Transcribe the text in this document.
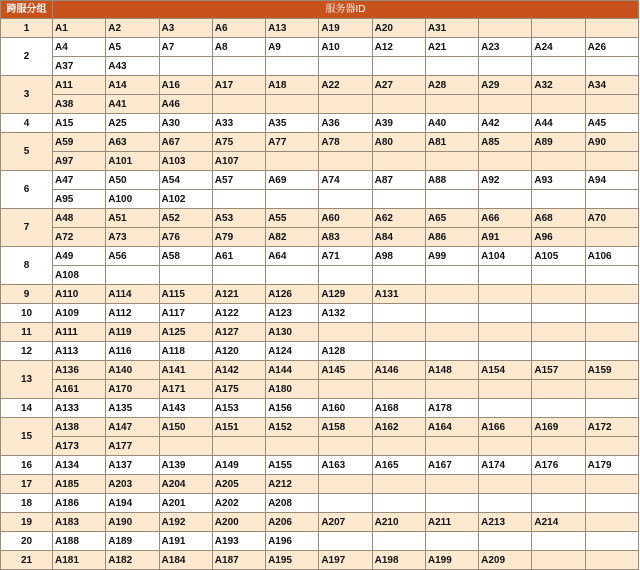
跨服分组	服务器ID										
1	A1	A2	A3	A6	A13	A19	A20	A31			
2	A4	A5	A7	A8	A9	A10	A12	A21	A23	A24	A26
	A37	A43									
3	A11	A14	A16	A17	A18	A22	A27	A28	A29	A32	A34
	A38	A41	A46								
4	A15	A25	A30	A33	A35	A36	A39	A40	A42	A44	A45
5	A59	A63	A67	A75	A77	A78	A80	A81	A85	A89	A90
	A97	A101	A103	A107							
6	A47	A50	A54	A57	A69	A74	A87	A88	A92	A93	A94
	A95	A100	A102								
7	A48	A51	A52	A53	A55	A60	A62	A65	A66	A68	A70
	A72	A73	A76	A79	A82	A83	A84	A86	A91	A96	
8	A49	A56	A58	A61	A64	A71	A98	A99	A104	A105	A106
	A108										
9	A110	A114	A115	A121	A126	A129	A131				
10	A109	A112	A117	A122	A123	A132					
11	A111	A119	A125	A127	A130						
12	A113	A116	A118	A120	A124	A128					
13	A136	A140	A141	A142	A144	A145	A146	A148	A154	A157	A159
	A161	A170	A171	A175	A180						
14	A133	A135	A143	A153	A156	A160	A168	A178			
15	A138	A147	A150	A151	A152	A158	A162	A164	A166	A169	A172
	A173	A177									
16	A134	A137	A139	A149	A155	A163	A165	A167	A174	A176	A179
17	A185	A203	A204	A205	A212						
18	A186	A194	A201	A202	A208						
19	A183	A190	A192	A200	A206	A207	A210	A211	A213	A214	
20	A188	A189	A191	A193	A196						
21	A181	A182	A184	A187	A195	A197	A198	A199	A209		
